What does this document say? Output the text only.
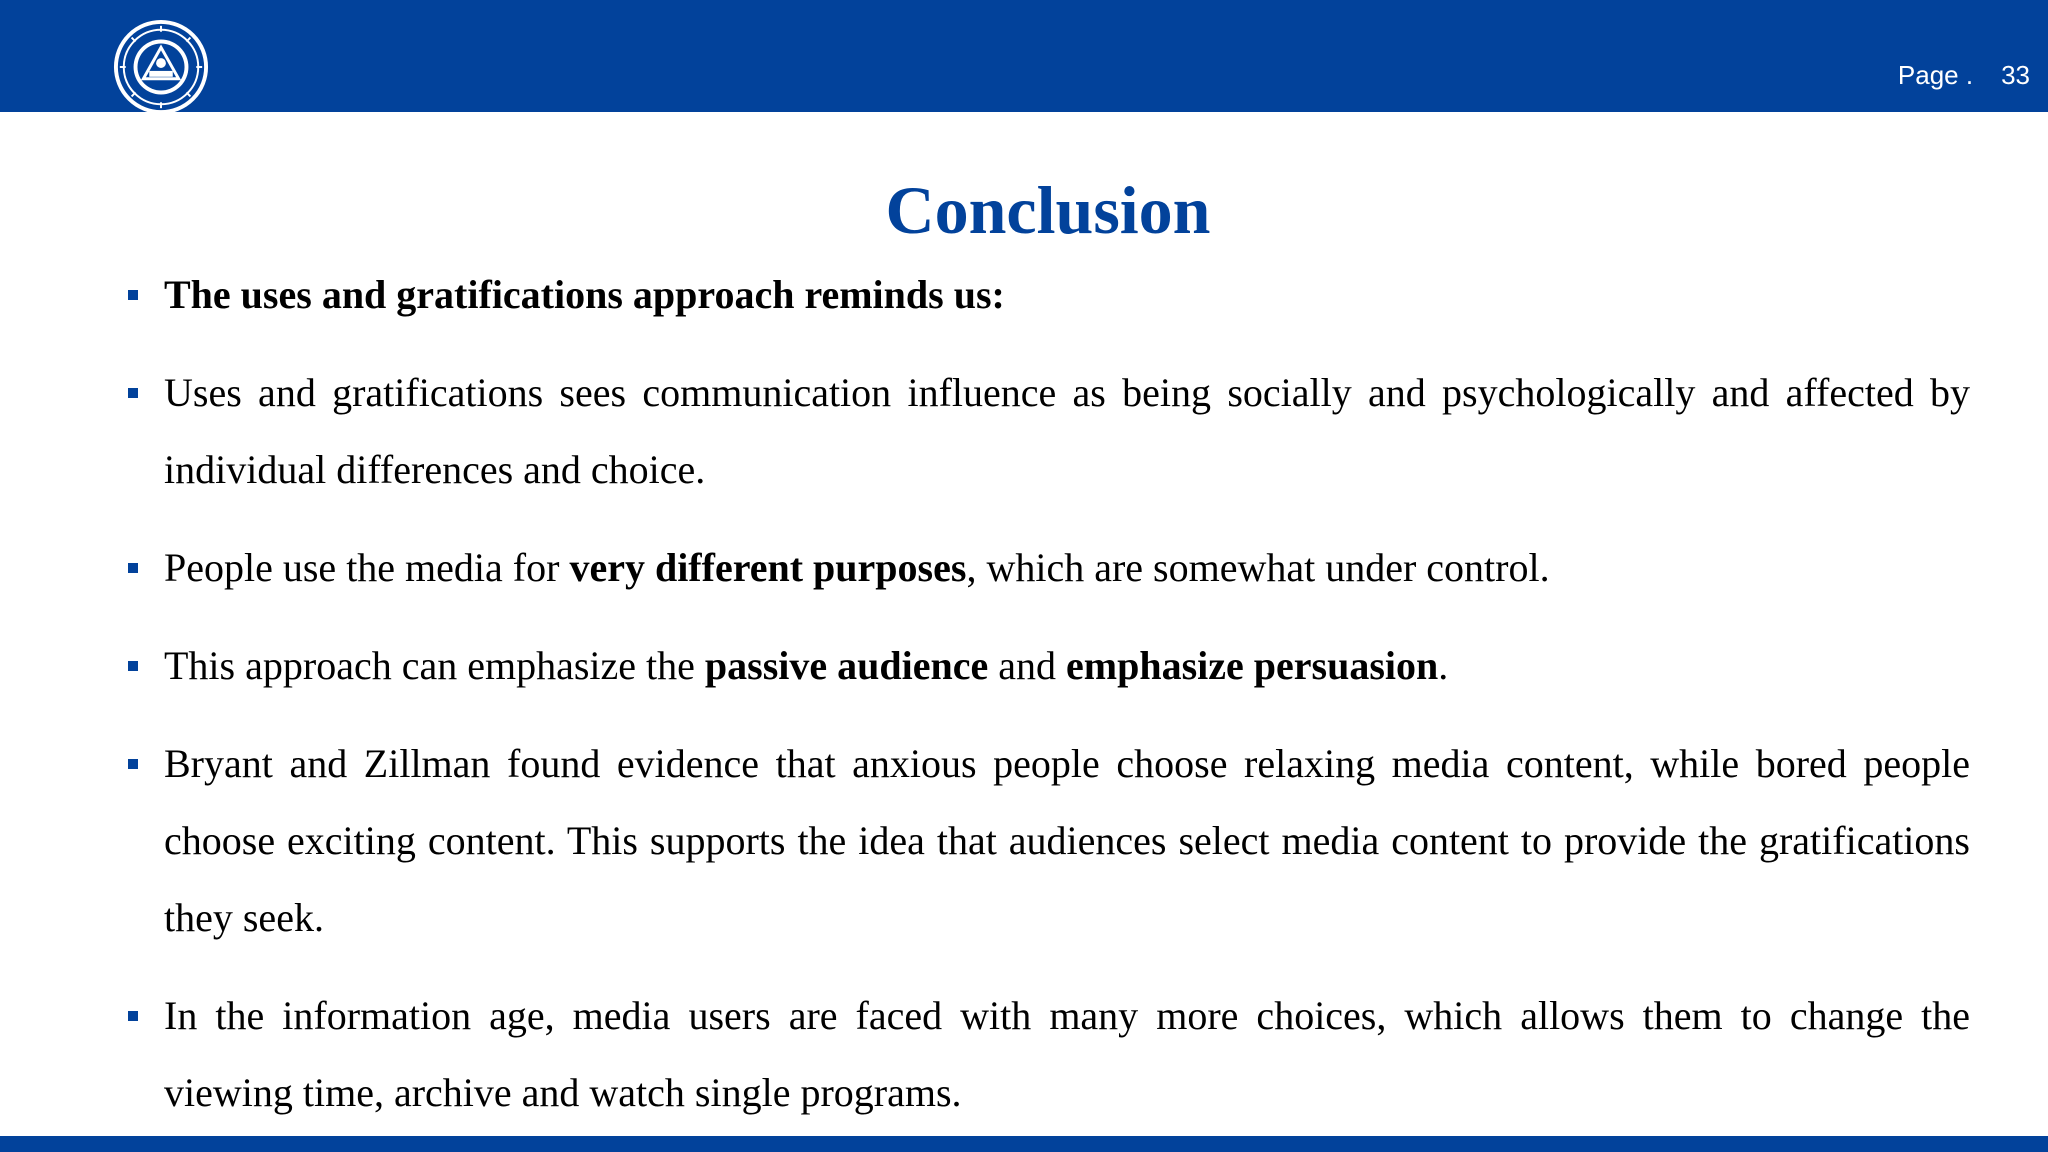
Page . 33
Conclusion
The uses and gratifications approach reminds us:
Uses and gratifications sees communication influence as being socially and psychologically and affected by individual differences and choice.
People use the media for very different purposes, which are somewhat under control.
This approach can emphasize the passive audience and emphasize persuasion.
Bryant and Zillman found evidence that anxious people choose relaxing media content, while bored people choose exciting content. This supports the idea that audiences select media content to provide the gratifications they seek.
In the information age, media users are faced with many more choices, which allows them to change the viewing time, archive and watch single programs.
